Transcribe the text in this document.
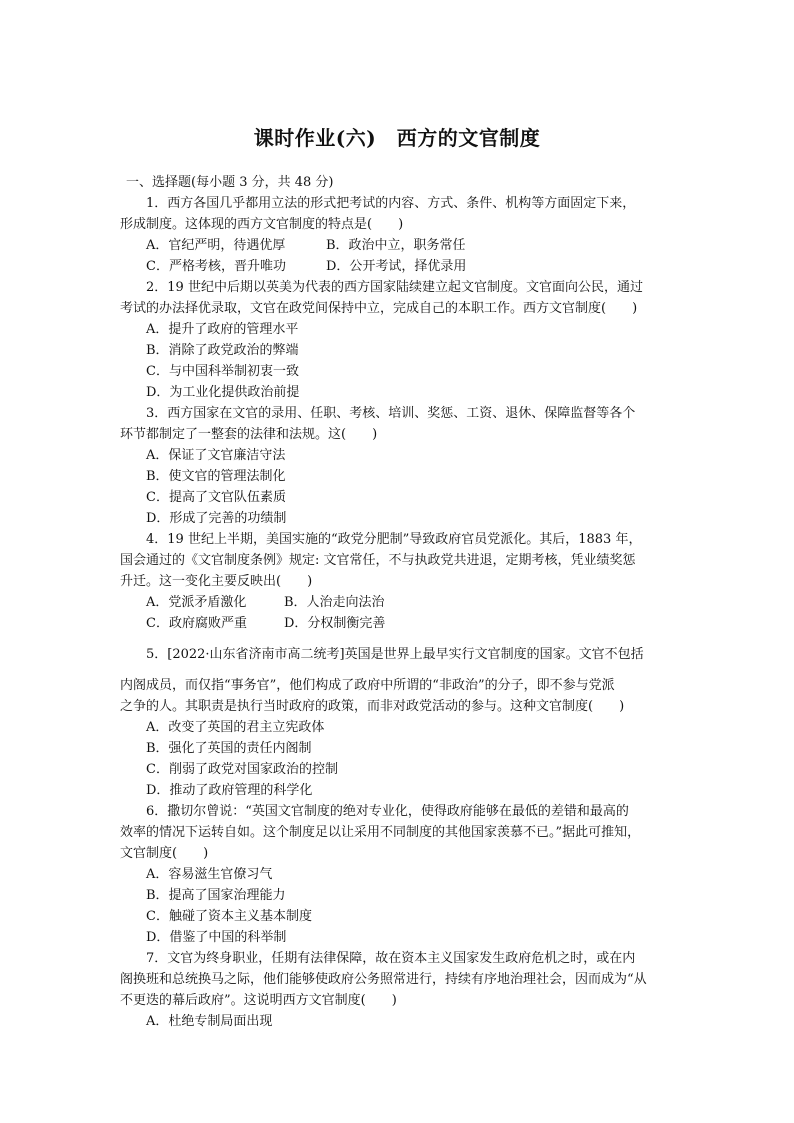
课时作业(六)　西方的文官制度
一、选择题(每小题 3 分，共 48 分)
1．西方各国几乎都用立法的形式把考试的内容、方式、条件、机构等方面固定下来，
形成制度。这体现的西方文官制度的特点是(　　)
A．官纪严明，待遇优厚	B．政治中立，职务常任
C．严格考核，晋升唯功	D．公开考试，择优录用
2．19 世纪中后期以英美为代表的西方国家陆续建立起文官制度。文官面向公民，通过
考试的办法择优录取，文官在政党间保持中立，完成自己的本职工作。西方文官制度(　　)
A．提升了政府的管理水平
B．消除了政党政治的弊端
C．与中国科举制初衷一致
D．为工业化提供政治前提
3．西方国家在文官的录用、任职、考核、培训、奖惩、工资、退休、保障监督等各个
环节都制定了一整套的法律和法规。这(　　)
A．保证了文官廉洁守法
B．使文官的管理法制化
C．提高了文官队伍素质
D．形成了完善的功绩制
4．19 世纪上半期，美国实施的“政党分肥制”导致政府官员党派化。其后，1883 年，
国会通过的《文官制度条例》规定: 文官常任，不与执政党共进退，定期考核，凭业绩奖惩
升迁。这一变化主要反映出(　　)
A．党派矛盾激化	B．人治走向法治
C．政府腐败严重	D．分权制衡完善
5．[2022·山东省济南市高二统考]英国是世界上最早实行文官制度的国家。文官不包括
内阁成员，而仅指“事务官”，他们构成了政府中所谓的“非政治”的分子，即不参与党派
之争的人。其职责是执行当时政府的政策，而非对政党活动的参与。这种文官制度(　　)
A．改变了英国的君主立宪政体
B．强化了英国的责任内阁制
C．削弱了政党对国家政治的控制
D．推动了政府管理的科学化
6．撒切尔曾说：“英国文官制度的绝对专业化，使得政府能够在最低的差错和最高的
效率的情况下运转自如。这个制度足以让采用不同制度的其他国家羡慕不已。”据此可推知，
文官制度(　　)
A．容易滋生官僚习气
B．提高了国家治理能力
C．触碰了资本主义基本制度
D．借鉴了中国的科举制
7．文官为终身职业，任期有法律保障，故在资本主义国家发生政府危机之时，或在内
阁换班和总统换马之际，他们能够使政府公务照常进行，持续有序地治理社会，因而成为“从
不更迭的幕后政府”。这说明西方文官制度(　　)
A．杜绝专制局面出现
